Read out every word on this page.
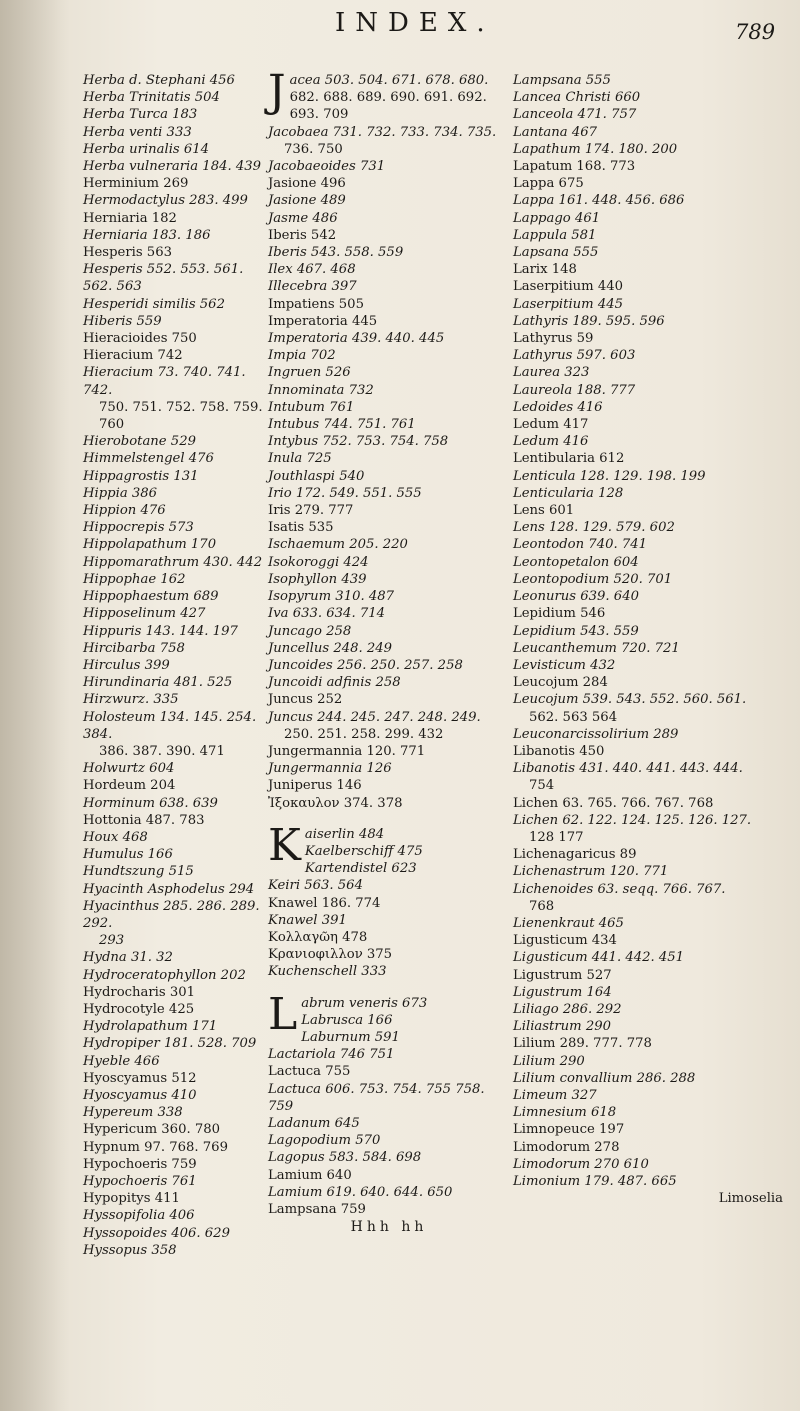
INDEX.	789
Herba d. Stephani 456
Herba Trinitatis 504
Herba Turca 183
Herba venti 333
Herba urinalis 614
Herba vulneraria 184. 439
Herminium 269
Hermodactylus 283. 499
Herniaria 182
Herniaria 183. 186
Hesperis 563
Hesperis 552. 553. 561. 562. 563
Hesperidi similis 562
Hiberis 559
Hieracioides 750
Hieracium 742
Hieracium 73. 740. 741. 742.
750. 751. 752. 758. 759. 760
Hierobotane 529
Himmelstengel 476
Hippagrostis 131
Hippia 386
Hippion 476
Hippocrepis 573
Hippolapathum 170
Hippomarathrum 430. 442
Hippophae 162
Hippophaestum 689
Hipposelinum 427
Hippuris 143. 144. 197
Hircibarba 758
Hirculus 399
Hirundinaria 481. 525
Hirzwurz. 335
Holosteum 134. 145. 254. 384.
386. 387. 390. 471
Holwurtz 604
Hordeum 204
Horminum 638. 639
Hottonia 487. 783
Houx 468
Humulus 166
Hundtszung 515
Hyacinth Asphodelus 294
Hyacinthus 285. 286. 289. 292.
293
Hydna 31. 32
Hydroceratophyllon 202
Hydrocharis 301
Hydrocotyle 425
Hydrolapathum 171
Hydropiper 181. 528. 709
Hyeble 466
Hyoscyamus 512
Hyoscyamus 410
Hypereum 338
Hypericum 360. 780
Hypnum 97. 768. 769
Hypochoeris 759
Hypochoeris 761
Hypopitys 411
Hyssopifolia 406
Hyssopoides 406. 629
Hyssopus 358
Jacea 503. 504. 671. 678. 680.
682. 688. 689. 690. 691. 692.
693. 709
Jacobaea 731. 732. 733. 734. 735.
736. 750
Jacobaeoides 731
Jasione 496
Jasione 489
Jasme 486
Iberis 542
Iberis 543. 558. 559
Ilex 467. 468
Illecebra 397
Impatiens 505
Imperatoria 445
Imperatoria 439. 440. 445
Impia 702
Ingruen 526
Innominata 732
Intubum 761
Intubus 744. 751. 761
Intybus 752. 753. 754. 758
Inula 725
Jouthlaspi 540
Irio 172. 549. 551. 555
Iris 279. 777
Isatis 535
Ischaemum 205. 220
Isokoroggi 424
Isophyllon 439
Isopyrum 310. 487
Iva 633. 634. 714
Juncago 258
Juncellus 248. 249
Juncoides 256. 250. 257. 258
Juncoidi adfinis 258
Juncus 252
Juncus 244. 245. 247. 248. 249.
250. 251. 258. 299. 432
Jungermannia 120. 771
Jungermannia 126
Juniperus 146
Ἰξοκαυλον 374. 378
Kaiserlin 484
Kaelberschiff 475
Kartendistel 623
Keiri 563. 564
Knawel 186. 774
Knawel 391
Κολλαγῶη 478
Κρανιοφιλλον 375
Kuchenschell 333
Labrum veneris 673
Labrusca 166
Laburnum 591
Lactariola 746 751
Lactuca 755
Lactuca 606. 753. 754. 755 758. 759
Ladanum 645
Lagopodium 570
Lagopus 583. 584. 698
Lamium 640
Lamium 619. 640. 644. 650
Lampsana 759
Hhh hh
Lampsana 555
Lancea Christi 660
Lanceola 471. 757
Lantana 467
Lapathum 174. 180. 200
Lapatum 168. 773
Lappa 675
Lappa 161. 448. 456. 686
Lappago 461
Lappula 581
Lapsana 555
Larix 148
Laserpitium 440
Laserpitium 445
Lathyris 189. 595. 596
Lathyrus 59
Lathyrus 597. 603
Laurea 323
Laureola 188. 777
Ledoides 416
Ledum 417
Ledum 416
Lentibularia 612
Lenticula 128. 129. 198. 199
Lenticularia 128
Lens 601
Lens 128. 129. 579. 602
Leontodon 740. 741
Leontopetalon 604
Leontopodium 520. 701
Leonurus 639. 640
Lepidium 546
Lepidium 543. 559
Leucanthemum 720. 721
Levisticum 432
Leucojum 284
Leucojum 539. 543. 552. 560. 561.
562. 563 564
Leuconarcissolirium 289
Libanotis 450
Libanotis 431. 440. 441. 443. 444.
754
Lichen 63. 765. 766. 767. 768
Lichen 62. 122. 124. 125. 126. 127.
128 177
Lichenagaricus 89
Lichenastrum 120. 771
Lichenoides 63. seqq. 766. 767.
768
Lienenkraut 465
Ligusticum 434
Ligusticum 441. 442. 451
Ligustrum 527
Ligustrum 164
Liliago 286. 292
Liliastrum 290
Lilium 289. 777. 778
Lilium 290
Lilium convallium 286. 288
Limeum 327
Limnesium 618
Limnopeuce 197
Limodorum 278
Limodorum 270 610
Limonium 179. 487. 665
Limoselia
